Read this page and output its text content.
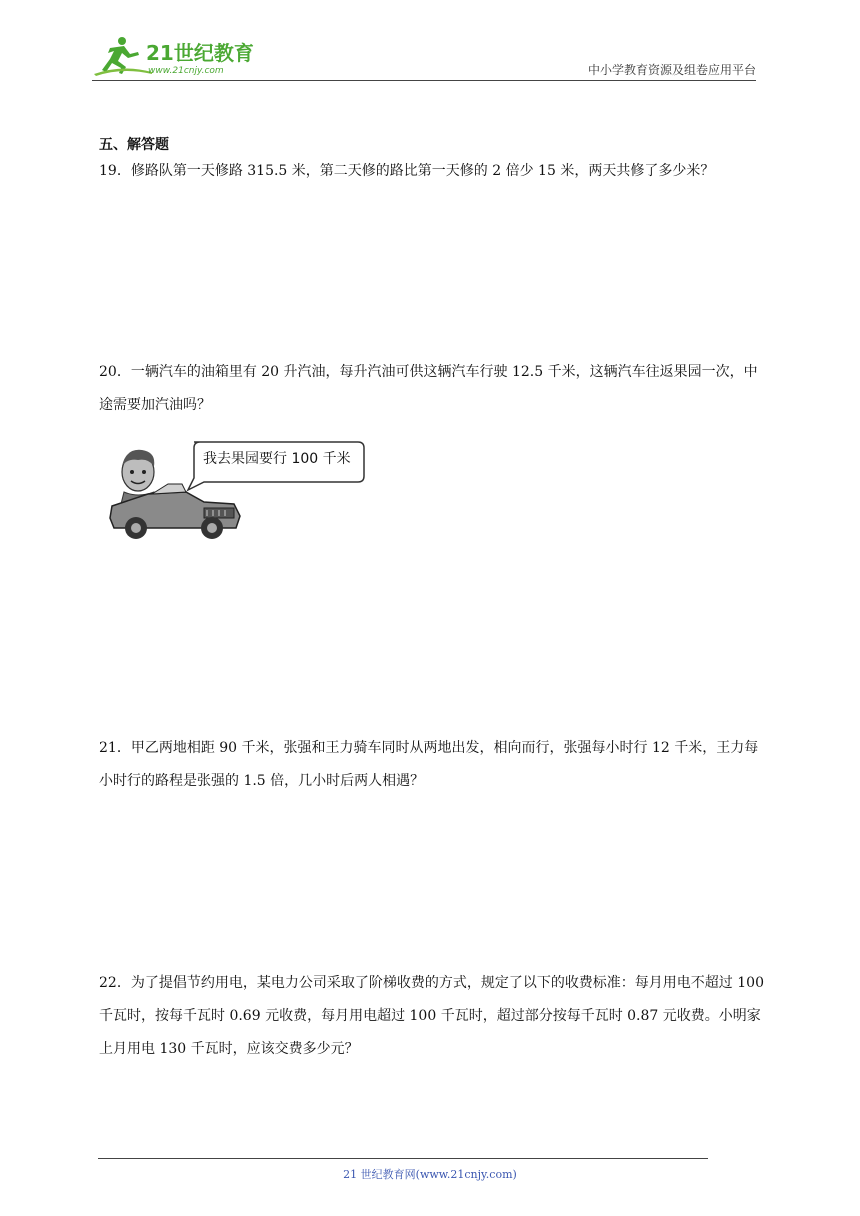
21世纪教育
www.21cnjy.com	中小学教育资源及组卷应用平台
五、解答题
19．修路队第一天修路 315.5 米，第二天修的路比第一天修的 2 倍少 15 米，两天共修了多少米？
20．一辆汽车的油箱里有 20 升汽油，每升汽油可供这辆汽车行驶 12.5 千米，这辆汽车往返果园一次，中途需要加汽油吗？
我去果园要行 100 千米
21．甲乙两地相距 90 千米，张强和王力骑车同时从两地出发，相向而行，张强每小时行 12 千米，王力每小时行的路程是张强的 1.5 倍，几小时后两人相遇？
22．为了提倡节约用电，某电力公司采取了阶梯收费的方式，规定了以下的收费标准：每月用电不超过 100 千瓦时，按每千瓦时 0.69 元收费，每月用电超过 100 千瓦时，超过部分按每千瓦时 0.87 元收费。小明家上月用电 130 千瓦时，应该交费多少元？
21 世纪教育网(www.21cnjy.com)
